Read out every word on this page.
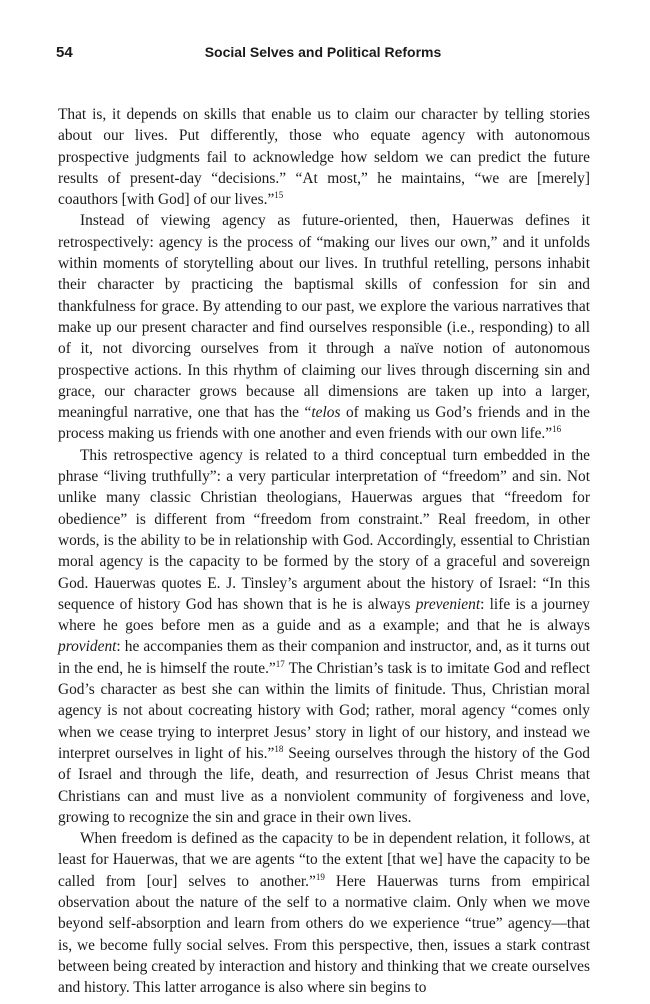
54	Social Selves and Political Reforms

That is, it depends on skills that enable us to claim our character by telling stories about our lives. Put differently, those who equate agency with autonomous prospective judgments fail to acknowledge how seldom we can predict the future results of present-day “decisions.” “At most,” he maintains, “we are [merely] coauthors [with God] of our lives.”$^{15}$

Instead of viewing agency as future-oriented, then, Hauerwas defines it retrospectively: agency is the process of “making our lives our own,” and it unfolds within moments of storytelling about our lives. In truthful retelling, persons inhabit their character by practicing the baptismal skills of confession for sin and thankfulness for grace. By attending to our past, we explore the various narratives that make up our present character and find ourselves responsible (i.e., responding) to all of it, not divorcing ourselves from it through a naïve notion of autonomous prospective actions. In this rhythm of claiming our lives through discerning sin and grace, our character grows because all dimensions are taken up into a larger, meaningful narrative, one that has the “telos of making us God’s friends and in the process making us friends with one another and even friends with our own life.”$^{16}$

This retrospective agency is related to a third conceptual turn embedded in the phrase “living truthfully”: a very particular interpretation of “freedom” and sin. Not unlike many classic Christian theologians, Hauerwas argues that “freedom for obedience” is different from “freedom from constraint.” Real freedom, in other words, is the ability to be in relationship with God. Accordingly, essential to Christian moral agency is the capacity to be formed by the story of a graceful and sovereign God. Hauerwas quotes E. J. Tinsley’s argument about the history of Israel: “In this sequence of history God has shown that is he is always prevenient: life is a journey where he goes before men as a guide and as a example; and that he is always provident: he accompanies them as their companion and instructor, and, as it turns out in the end, he is himself the route.”$^{17}$ The Christian’s task is to imitate God and reflect God’s character as best she can within the limits of finitude. Thus, Christian moral agency is not about cocreating history with God; rather, moral agency “comes only when we cease trying to interpret Jesus’ story in light of our history, and instead we interpret ourselves in light of his.”$^{18}$ Seeing ourselves through the history of the God of Israel and through the life, death, and resurrection of Jesus Christ means that Christians can and must live as a nonviolent community of forgiveness and love, growing to recognize the sin and grace in their own lives.

When freedom is defined as the capacity to be in dependent relation, it follows, at least for Hauerwas, that we are agents “to the extent [that we] have the capacity to be called from [our] selves to another.”$^{19}$ Here Hauerwas turns from empirical observation about the nature of the self to a normative claim. Only when we move beyond self-absorption and learn from others do we experience “true” agency—that is, we become fully social selves. From this perspective, then, issues a stark contrast between being created by interaction and history and thinking that we create ourselves and history. This latter arrogance is also where sin begins to
